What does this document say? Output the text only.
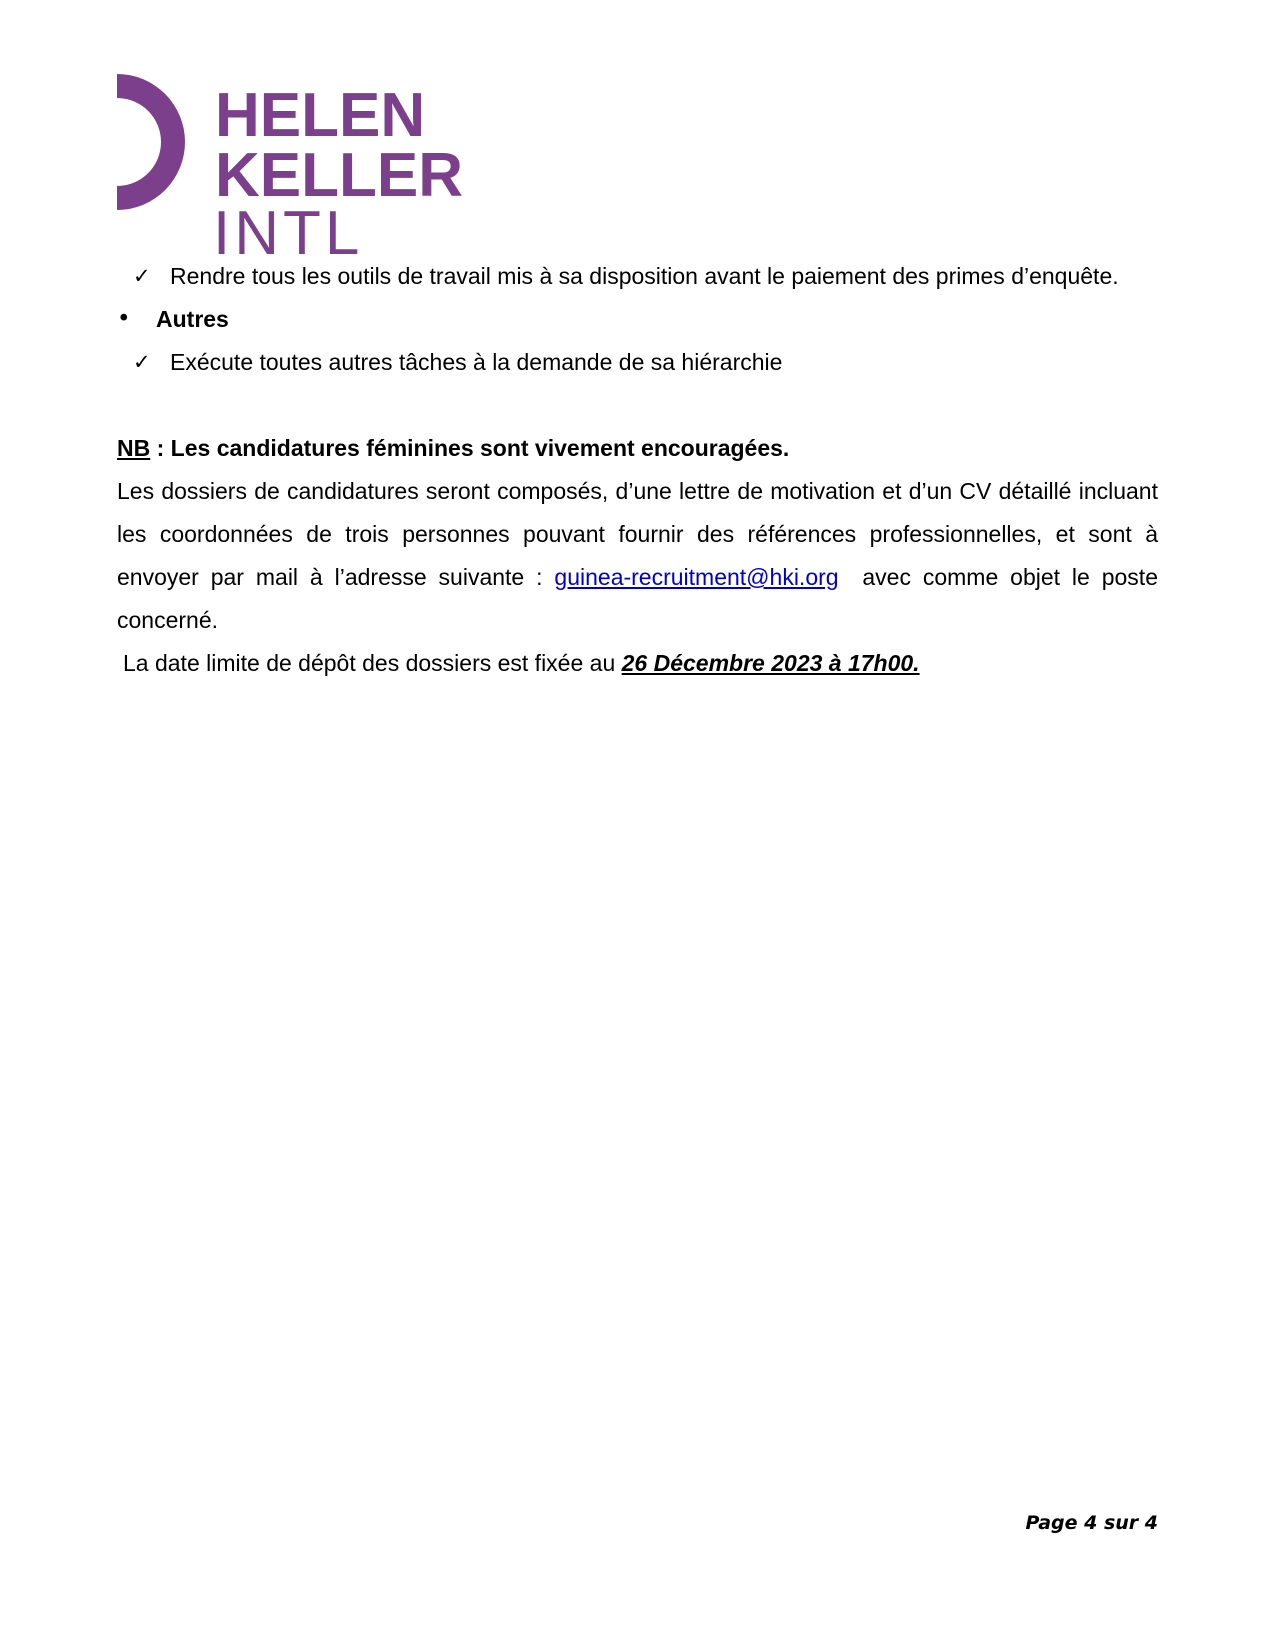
HELEN
KELLER
INTL
✓ Rendre tous les outils de travail mis à sa disposition avant le paiement des primes d’enquête.
• Autres
✓ Exécute toutes autres tâches à la demande de sa hiérarchie
NB : Les candidatures féminines sont vivement encouragées.
Les dossiers de candidatures seront composés, d’une lettre de motivation et d’un CV détaillé incluant les coordonnées de trois personnes pouvant fournir des références professionnelles, et sont à envoyer par mail à l’adresse suivante : guinea-recruitment@hki.org  avec comme objet le poste concerné.
La date limite de dépôt des dossiers est fixée au 26 Décembre 2023 à 17h00.
Page 4 sur 4
